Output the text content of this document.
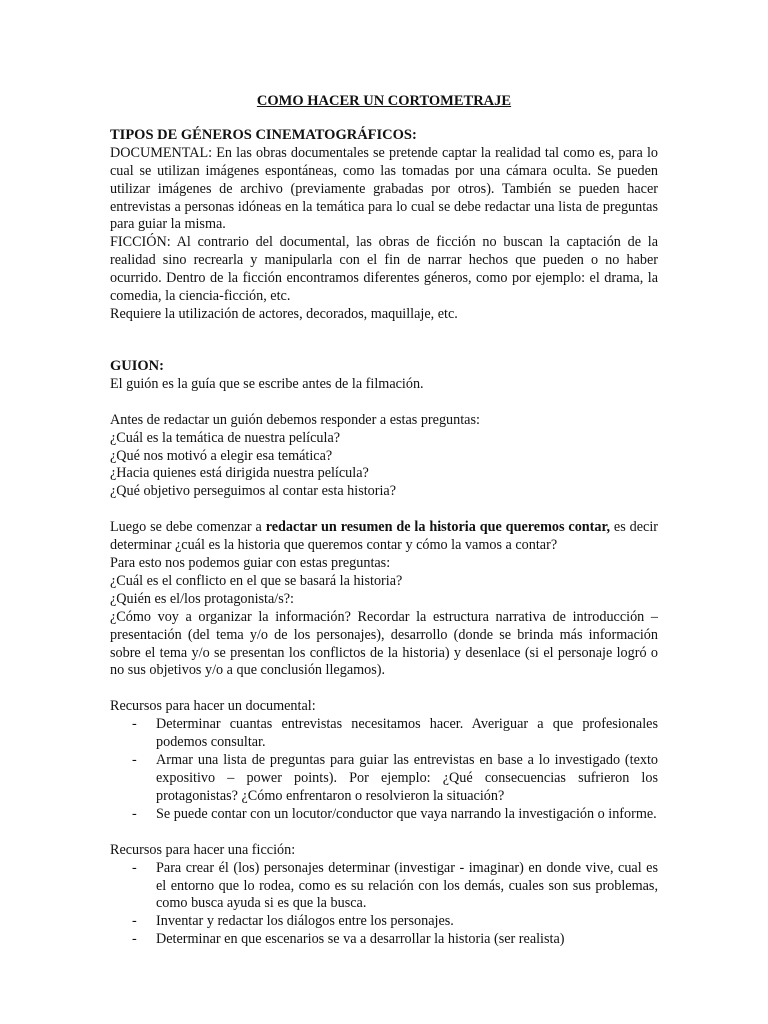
COMO HACER UN CORTOMETRAJE
TIPOS DE GÉNEROS CINEMATOGRÁFICOS:

DOCUMENTAL: En las obras documentales se pretende captar la realidad tal como es, para lo cual se utilizan imágenes espontáneas, como las tomadas por una cámara oculta. Se pueden utilizar imágenes de archivo (previamente grabadas por otros). También se pueden hacer entrevistas a personas idóneas en la temática para lo cual se debe redactar una lista de preguntas para guiar la misma.

FICCIÓN: Al contrario del documental, las obras de ficción no buscan la captación de la realidad sino recrearla y manipularla con el fin de narrar hechos que pueden o no haber ocurrido. Dentro de la ficción encontramos diferentes géneros, como por ejemplo: el drama, la comedia, la ciencia-ficción, etc.

Requiere la utilización de actores, decorados, maquillaje, etc.

GUION:

El guión es la guía que se escribe antes de la filmación.

Antes de redactar un guión debemos responder a estas preguntas:

¿Cuál es la temática de nuestra película?

¿Qué nos motivó a elegir esa temática?

¿Hacia quienes está dirigida nuestra película?

¿Qué objetivo perseguimos al contar esta historia?

Luego se debe comenzar a redactar un resumen de la historia que queremos contar, es decir determinar ¿cuál es la historia que queremos contar y cómo la vamos a contar?

Para esto nos podemos guiar con estas preguntas:

¿Cuál es el conflicto en el que se basará la historia?

¿Quién es el/los protagonista/s?:

¿Cómo voy a organizar la información? Recordar la estructura narrativa de introducción – presentación (del tema y/o de los personajes), desarrollo (donde se brinda más información sobre el tema y/o se presentan los conflictos de la historia) y desenlace (si el personaje logró o no sus objetivos y/o a que conclusión llegamos).

Recursos para hacer un documental:

- Determinar cuantas entrevistas necesitamos hacer. Averiguar a que profesionales podemos consultar.
- Armar una lista de preguntas para guiar las entrevistas en base a lo investigado (texto expositivo – power points). Por ejemplo: ¿Qué consecuencias sufrieron los protagonistas? ¿Cómo enfrentaron o resolvieron la situación?
- Se puede contar con un locutor/conductor que vaya narrando la investigación o informe.

Recursos para hacer una ficción:

- Para crear él (los) personajes determinar (investigar - imaginar) en donde vive, cual es el entorno que lo rodea, como es su relación con los demás, cuales son sus problemas, como busca ayuda si es que la busca.
- Inventar y redactar los diálogos entre los personajes.
- Determinar en que escenarios se va a desarrollar la historia (ser realista)
